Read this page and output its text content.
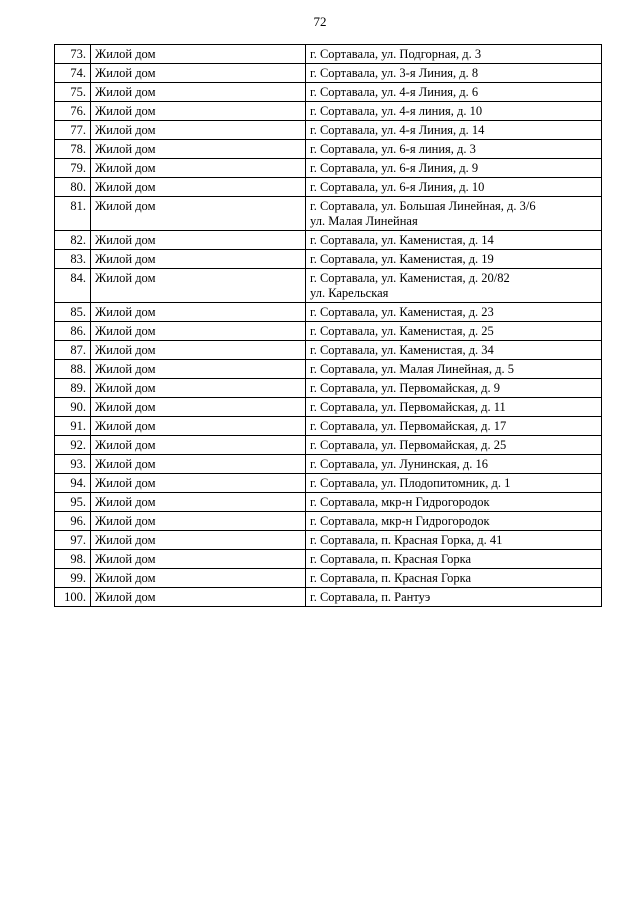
72
73.	Жилой дом	г. Сортавала, ул. Подгорная, д. 3
74.	Жилой дом	г. Сортавала, ул. 3-я Линия, д. 8
75.	Жилой дом	г. Сортавала, ул. 4-я Линия, д. 6
76.	Жилой дом	г. Сортавала, ул. 4-я линия, д. 10
77.	Жилой дом	г. Сортавала, ул. 4-я Линия, д. 14
78.	Жилой дом	г. Сортавала, ул. 6-я линия, д. 3
79.	Жилой дом	г. Сортавала, ул. 6-я Линия, д. 9
80.	Жилой дом	г. Сортавала, ул. 6-я Линия, д. 10
81.	Жилой дом	г. Сортавала, ул. Большая Линейная, д. 3/6
ул. Малая Линейная
82.	Жилой дом	г. Сортавала, ул. Каменистая, д. 14
83.	Жилой дом	г. Сортавала, ул. Каменистая, д. 19
84.	Жилой дом	г. Сортавала, ул. Каменистая, д. 20/82
ул. Карельская
85.	Жилой дом	г. Сортавала, ул. Каменистая, д. 23
86.	Жилой дом	г. Сортавала, ул. Каменистая, д. 25
87.	Жилой дом	г. Сортавала, ул. Каменистая, д. 34
88.	Жилой дом	г. Сортавала, ул. Малая Линейная, д. 5
89.	Жилой дом	г. Сортавала, ул. Первомайская, д. 9
90.	Жилой дом	г. Сортавала, ул. Первомайская, д. 11
91.	Жилой дом	г. Сортавала, ул. Первомайская, д. 17
92.	Жилой дом	г. Сортавала, ул. Первомайская, д. 25
93.	Жилой дом	г. Сортавала, ул. Лунинская, д. 16
94.	Жилой дом	г. Сортавала, ул. Плодопитомник, д. 1
95.	Жилой дом	г. Сортавала, мкр-н Гидрогородок
96.	Жилой дом	г. Сортавала, мкр-н Гидрогородок
97.	Жилой дом	г. Сортавала, п. Красная Горка, д. 41
98.	Жилой дом	г. Сортавала, п. Красная Горка
99.	Жилой дом	г. Сортавала, п. Красная Горка
100.	Жилой дом	г. Сортавала, п. Рантуэ
